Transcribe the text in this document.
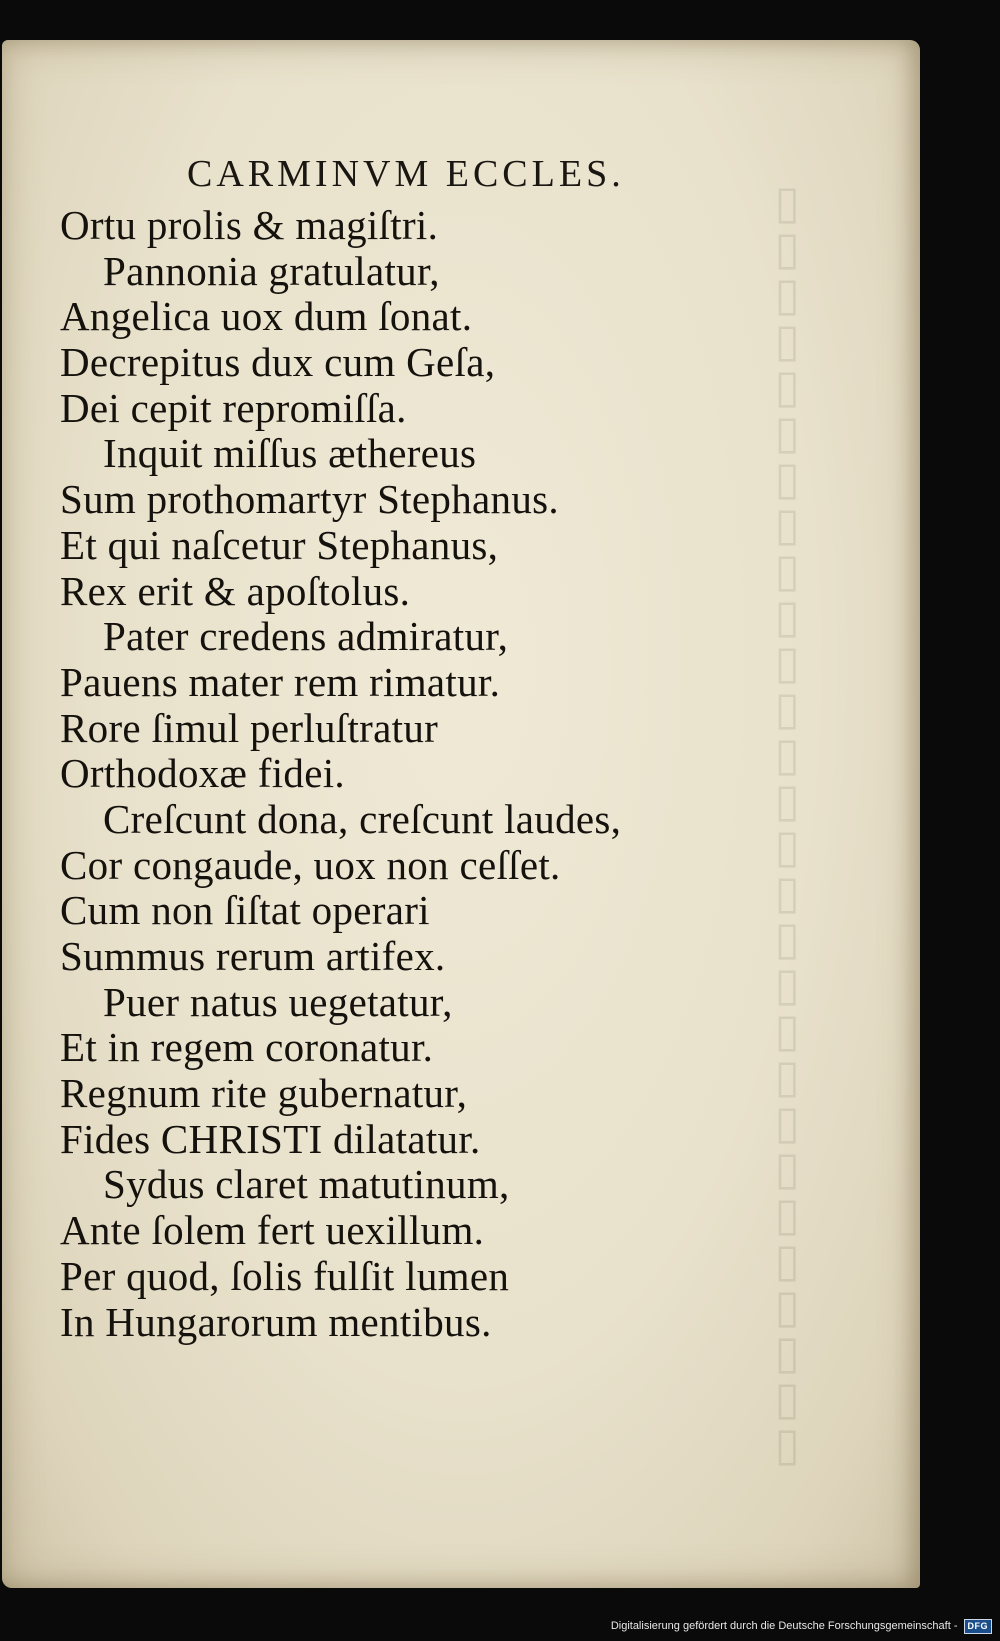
▯
▯
▯
▯
▯
▯
▯
▯
▯
▯
▯
▯
▯
▯
▯
▯
▯
▯
▯
▯
▯
▯
▯
▯
▯
▯
▯
▯
CARMINVM ECCLES.
Ortu prolis & magiſtri.
Pannonia gratulatur,
Angelica uox dum ſonat.
Decrepitus dux cum Geſa,
Dei cepit repromiſſa.
Inquit miſſus æthereus
Sum prothomartyr Stephanus.
Et qui naſcetur Stephanus,
Rex erit & apoſtolus.
Pater credens admiratur,
Pauens mater rem rimatur.
Rore ſimul perluſtratur
Orthodoxæ fidei.
Creſcunt dona, creſcunt laudes,
Cor congaude, uox non ceſſet.
Cum non ſiſtat operari
Summus rerum artifex.
Puer natus uegetatur,
Et in regem coronatur.
Regnum rite gubernatur,
Fides CHRISTI dilatatur.
Sydus claret matutinum,
Ante ſolem fert uexillum.
Per quod, ſolis fulſit lumen
In Hungarorum mentibus.
Digitalisierung gefördert durch die Deutsche Forschungsgemeinschaft -	DFG
